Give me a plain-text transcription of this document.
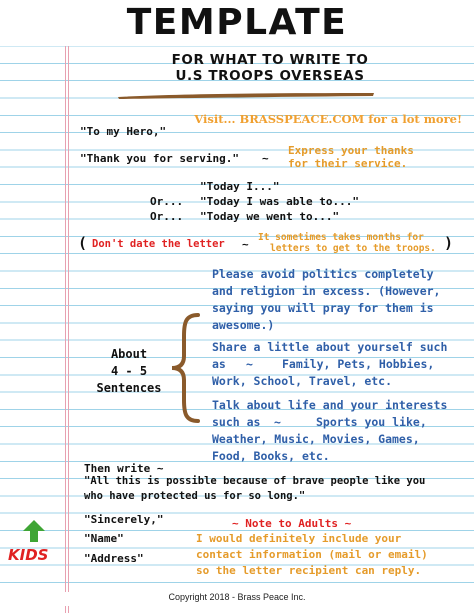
TEMPLATE
FOR WHAT TO WRITE TO
U.S TROOPS OVERSEAS
Visit... BRASSPEACE.COM for a lot more!
KIDS
"To my Hero,"
"Thank you for serving." ~
Express your thanks
for their service.
"Today I..."
Or... "Today I was able to..."
Or... "Today we went to..."
( Don't date the letter ~
It sometimes takes months for
letters to get to the troops. )
About
4 - 5
Sentences
Please avoid politics completely
and religion in excess. (However,
saying you will pray for them is
awesome.)
Share a little about yourself such
as ~	Family, Pets, Hobbies,
Work, School, Travel, etc.
Talk about life and your interests
such as ~	Sports you like,
Weather, Music, Movies, Games,
Food, Books, etc.
Then write ~
"All this is possible because of brave people like you
who have protected us for so long."
"Sincerely,"
"Name"
"Address"
~ Note to Adults ~
I would definitely include your
contact information (mail or email)
so the letter recipient can reply.
Copyright 2018 - Brass Peace Inc.
